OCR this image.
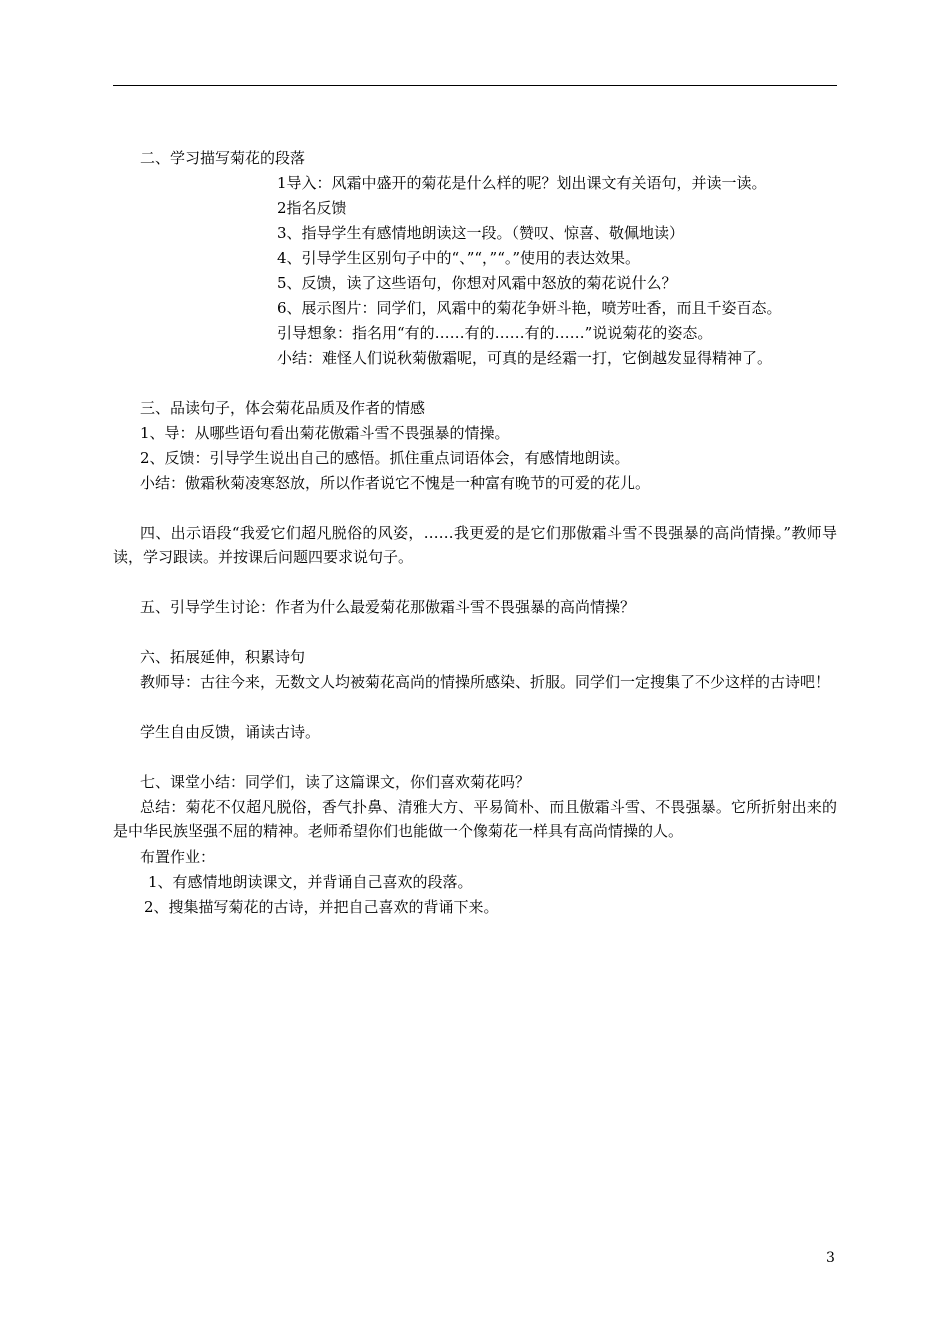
二、学习描写菊花的段落
1导入：风霜中盛开的菊花是什么样的呢？划出课文有关语句，并读一读。
2指名反馈
3、指导学生有感情地朗读这一段。（赞叹、惊喜、敬佩地读）
4、引导学生区别句子中的“、”“，”“。”使用的表达效果。
5、反馈，读了这些语句，你想对风霜中怒放的菊花说什么？
6、展示图片：同学们，风霜中的菊花争妍斗艳，喷芳吐香，而且千姿百态。
引导想象：指名用“有的……有的……有的……”说说菊花的姿态。
小结：难怪人们说秋菊傲霜呢，可真的是经霜一打，它倒越发显得精神了。
三、品读句子，体会菊花品质及作者的情感
1、导：从哪些语句看出菊花傲霜斗雪不畏强暴的情操。
2、反馈：引导学生说出自己的感悟。抓住重点词语体会，有感情地朗读。
小结：傲霜秋菊凌寒怒放，所以作者说它不愧是一种富有晚节的可爱的花儿。
四、出示语段“我爱它们超凡脱俗的风姿，……我更爱的是它们那傲霜斗雪不畏强暴的高尚情操。”教师导读，学习跟读。并按课后问题四要求说句子。
五、引导学生讨论：作者为什么最爱菊花那傲霜斗雪不畏强暴的高尚情操？
六、拓展延伸，积累诗句
教师导：古往今来，无数文人均被菊花高尚的情操所感染、折服。同学们一定搜集了不少这样的古诗吧！
学生自由反馈，诵读古诗。
七、课堂小结：同学们，读了这篇课文，你们喜欢菊花吗？
总结：菊花不仅超凡脱俗，香气扑鼻、清雅大方、平易简朴、而且傲霜斗雪、不畏强暴。它所折射出来的是中华民族坚强不屈的精神。老师希望你们也能做一个像菊花一样具有高尚情操的人。
布置作业：
1、有感情地朗读课文，并背诵自己喜欢的段落。
2、搜集描写菊花的古诗，并把自己喜欢的背诵下来。
3
